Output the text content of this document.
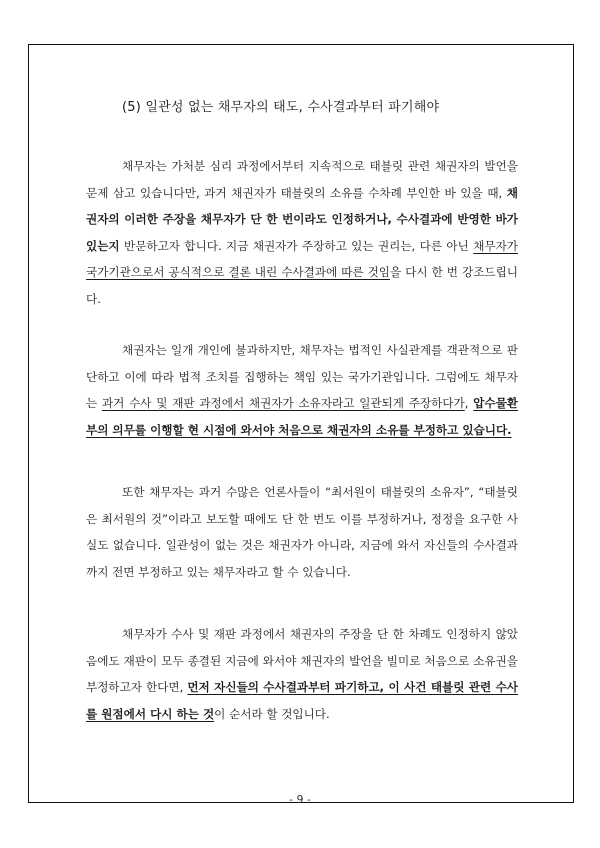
(5) 일관성 없는 채무자의 태도, 수사결과부터 파기해야

채무자는 가처분 심리 과정에서부터 지속적으로 태블릿 관련 채권자의 발언을 문제 삼고 있습니다만, 과거 채권자가 태블릿의 소유를 수차례 부인한 바 있을 때, 채권자의 이러한 주장을 채무자가 단 한 번이라도 인정하거나, 수사결과에 반영한 바가 있는지 반문하고자 합니다. 지금 채권자가 주장하고 있는 권리는, 다른 아닌 채무자가 국가기관으로서 공식적으로 결론 내린 수사결과에 따른 것임을 다시 한 번 강조드립니다.

채권자는 일개 개인에 불과하지만, 채무자는 법적인 사실관계를 객관적으로 판단하고 이에 따라 법적 조치를 집행하는 책임 있는 국가기관입니다. 그럼에도 채무자는 과거 수사 및 재판 과정에서 채권자가 소유자라고 일관되게 주장하다가, 압수물환부의 의무를 이행할 현 시점에 와서야 처음으로 채권자의 소유를 부정하고 있습니다.

또한 채무자는 과거 수많은 언론사들이 “최서원이 태블릿의 소유자”, “태블릿은 최서원의 것”이라고 보도할 때에도 단 한 번도 이를 부정하거나, 정정을 요구한 사실도 없습니다. 일관성이 없는 것은 채권자가 아니라, 지금에 와서 자신들의 수사결과까지 전면 부정하고 있는 채무자라고 할 수 있습니다.

채무자가 수사 및 재판 과정에서 채권자의 주장을 단 한 차례도 인정하지 않았음에도 재판이 모두 종결된 지금에 와서야 채권자의 발언을 빌미로 처음으로 소유권을 부정하고자 한다면, 먼저 자신들의 수사결과부터 파기하고, 이 사건 태블릿 관련 수사를 원점에서 다시 하는 것이 순서라 할 것입니다.

- 9 -
